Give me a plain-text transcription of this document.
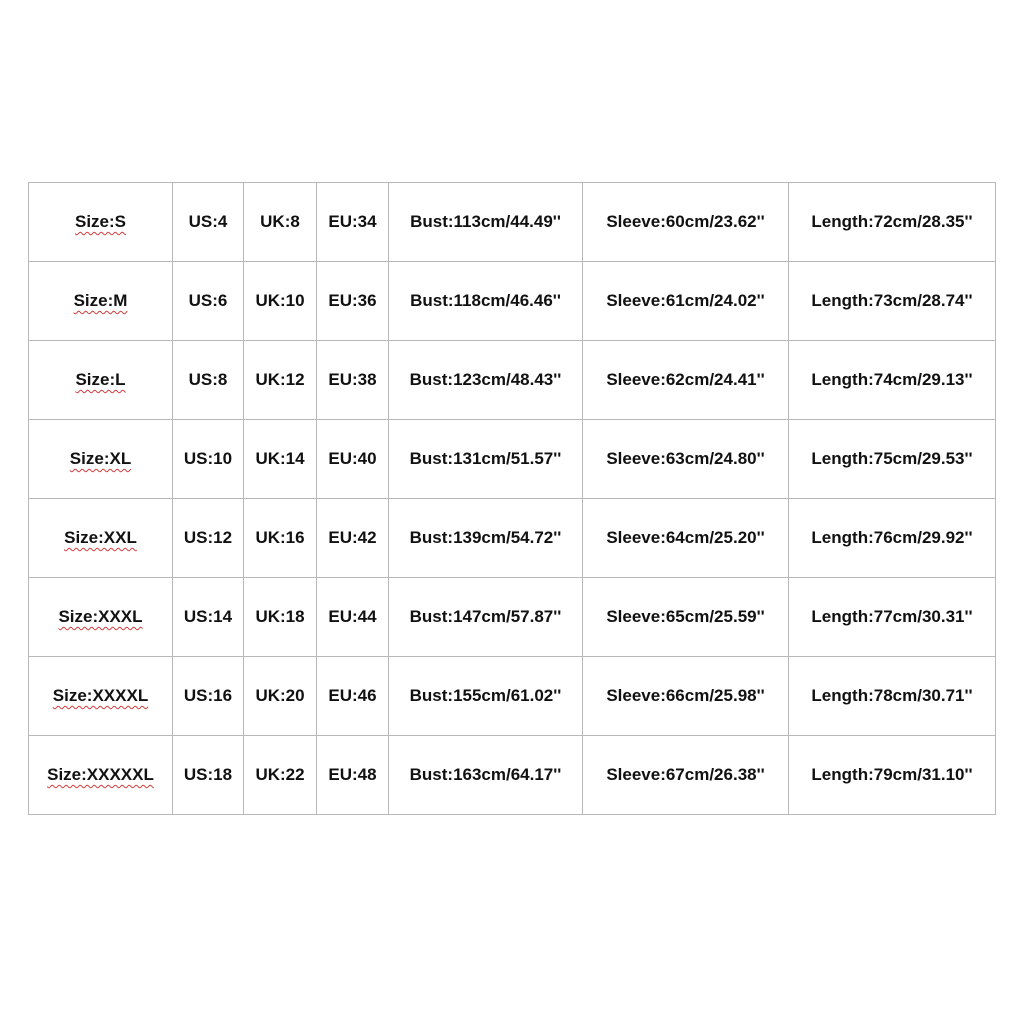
Size:S	US:4	UK:8	EU:34	Bust:113cm/44.49''	Sleeve:60cm/23.62''	Length:72cm/28.35''
Size:M	US:6	UK:10	EU:36	Bust:118cm/46.46''	Sleeve:61cm/24.02''	Length:73cm/28.74''
Size:L	US:8	UK:12	EU:38	Bust:123cm/48.43''	Sleeve:62cm/24.41''	Length:74cm/29.13''
Size:XL	US:10	UK:14	EU:40	Bust:131cm/51.57''	Sleeve:63cm/24.80''	Length:75cm/29.53''
Size:XXL	US:12	UK:16	EU:42	Bust:139cm/54.72''	Sleeve:64cm/25.20''	Length:76cm/29.92''
Size:XXXL	US:14	UK:18	EU:44	Bust:147cm/57.87''	Sleeve:65cm/25.59''	Length:77cm/30.31''
Size:XXXXL	US:16	UK:20	EU:46	Bust:155cm/61.02''	Sleeve:66cm/25.98''	Length:78cm/30.71''
Size:XXXXXL	US:18	UK:22	EU:48	Bust:163cm/64.17''	Sleeve:67cm/26.38''	Length:79cm/31.10''
